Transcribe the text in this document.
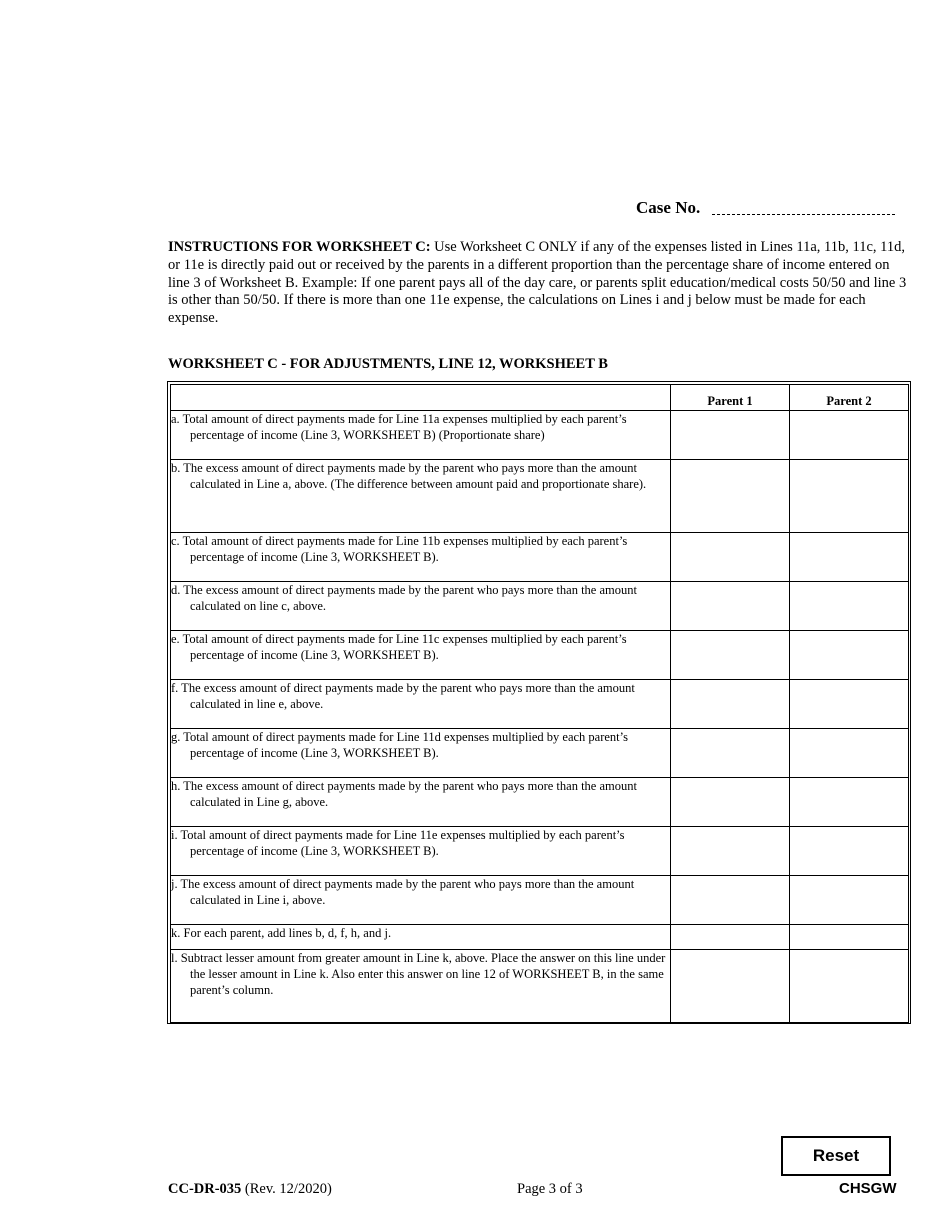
Case No.
INSTRUCTIONS FOR WORKSHEET C: Use Worksheet C ONLY if any of the expenses listed in Lines 11a, 11b, 11c, 11d, or 11e is directly paid out or received by the parents in a different proportion than the percentage share of income entered on line 3 of Worksheet B. Example: If one parent pays all of the day care, or parents split education/medical costs 50/50 and line 3 is other than 50/50. If there is more than one 11e expense, the calculations on Lines i and j below must be made for each expense.
WORKSHEET C - FOR ADJUSTMENTS, LINE 12, WORKSHEET B
	Parent 1	Parent 2

a. Total amount of direct payments made for Line 11a expenses multiplied by each parent’s percentage of income (Line 3, WORKSHEET B) (Proportionate share)		

b. The excess amount of direct payments made by the parent who pays more than the amount calculated in Line a, above. (The difference between amount paid and proportionate share).		

c. Total amount of direct payments made for Line 11b expenses multiplied by each parent’s percentage of income (Line 3, WORKSHEET B).		

d. The excess amount of direct payments made by the parent who pays more than the amount calculated on line c, above.		

e. Total amount of direct payments made for Line 11c expenses multiplied by each parent’s percentage of income (Line 3, WORKSHEET B).		

f. The excess amount of direct payments made by the parent who pays more than the amount calculated in line e, above.		

g. Total amount of direct payments made for Line 11d expenses multiplied by each parent’s percentage of income (Line 3, WORKSHEET B).		

h. The excess amount of direct payments made by the parent who pays more than the amount calculated in Line g, above.		

i. Total amount of direct payments made for Line 11e expenses multiplied by each parent’s percentage of income (Line 3, WORKSHEET B).		

j. The excess amount of direct payments made by the parent who pays more than the amount calculated in Line i, above.		

k. For each parent, add lines b, d, f, h, and j.		

l. Subtract lesser amount from greater amount in Line k, above. Place the answer on this line under the lesser amount in Line k. Also enter this answer on line 12 of WORKSHEET B, in the same parent’s column.		

CC-DR-035 (Rev. 12/2020)	Page 3 of 3
Reset
CHSGW
